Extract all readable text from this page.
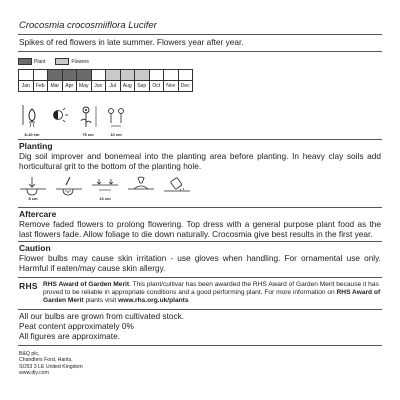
Crocosmia crocosmiiflora Lucifer
Spikes of red flowers in late summer. Flowers year after year.
Plant	Flowers
Jan	Feb	Mar	Apr	May	Jun	Jul	Aug	Sep	Oct	Nov	Dec
8-10 cm	75 cm	10 cm
Planting
Dig soil improver and bonemeal into the planting area before planting. In heavy clay soils add horticultural grit to the bottom of the planting hole.
8 cm	10 cm
Aftercare
Remove faded flowers to prolong flowering. Top dress with a general purpose plant food as the last flowers fade. Allow foliage to die down naturally. Crocosmia give best results in the first year.
Caution
Flower bulbs may cause skin irritation - use gloves when handling. For ornamental use only. Harmful if eaten/may cause skin allergy.
RHS RHS Award of Garden Merit. This plant/cultivar has been awarded the RHS Award of Garden Merit because it has proved to be reliable in appropriate conditions and a good performing plant. For more information on RHS Award of Garden Merit plants visit www.rhs.org.uk/plants
All our bulbs are grown from cultivated stock.
Peat content approximately 0%
All figures are approximate.
B&Q plc,
Chandlers Ford, Hants,
SO53 3 LE United Kingdom
www.diy.com
